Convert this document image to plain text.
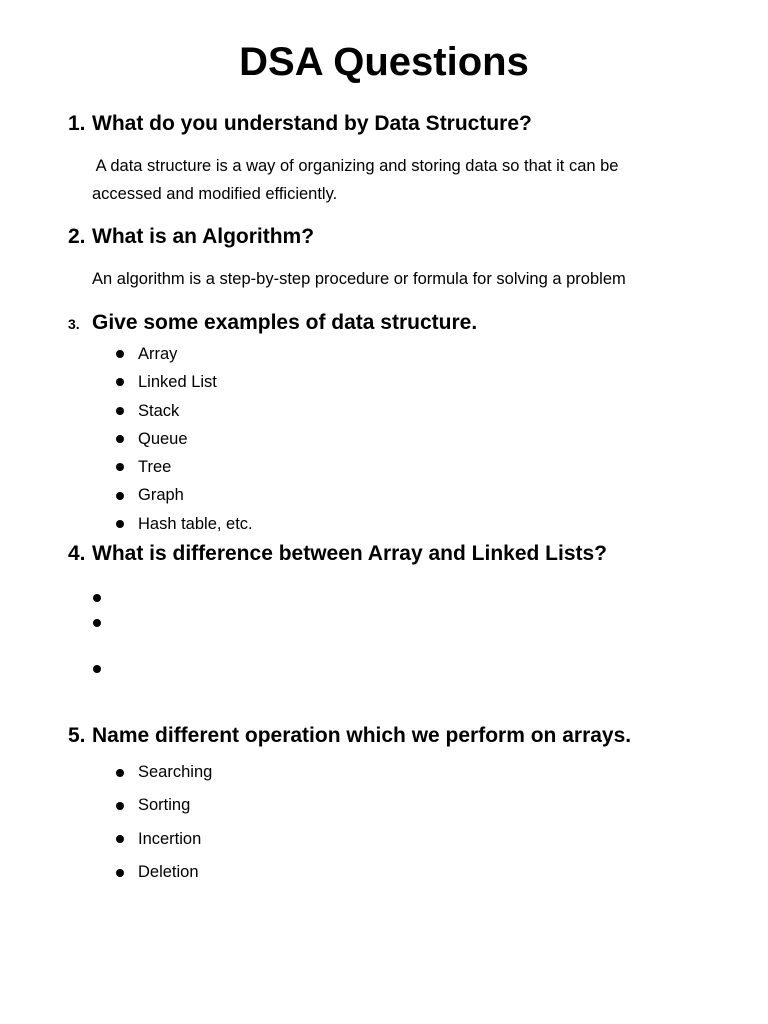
DSA Questions
1. What do you understand by Data Structure?
A data structure is a way of organizing and storing data so that it can be
accessed and modified efficiently.
2. What is an Algorithm?
An algorithm is a step-by-step procedure or formula for solving a problem
3. Give some examples of data structure.
Array
Linked List
Stack
Queue
Tree
Graph
Hash table, etc.
4. What is difference between Array and Linked Lists?
5. Name different operation which we perform on arrays.
Searching
Sorting
Incertion
Deletion
